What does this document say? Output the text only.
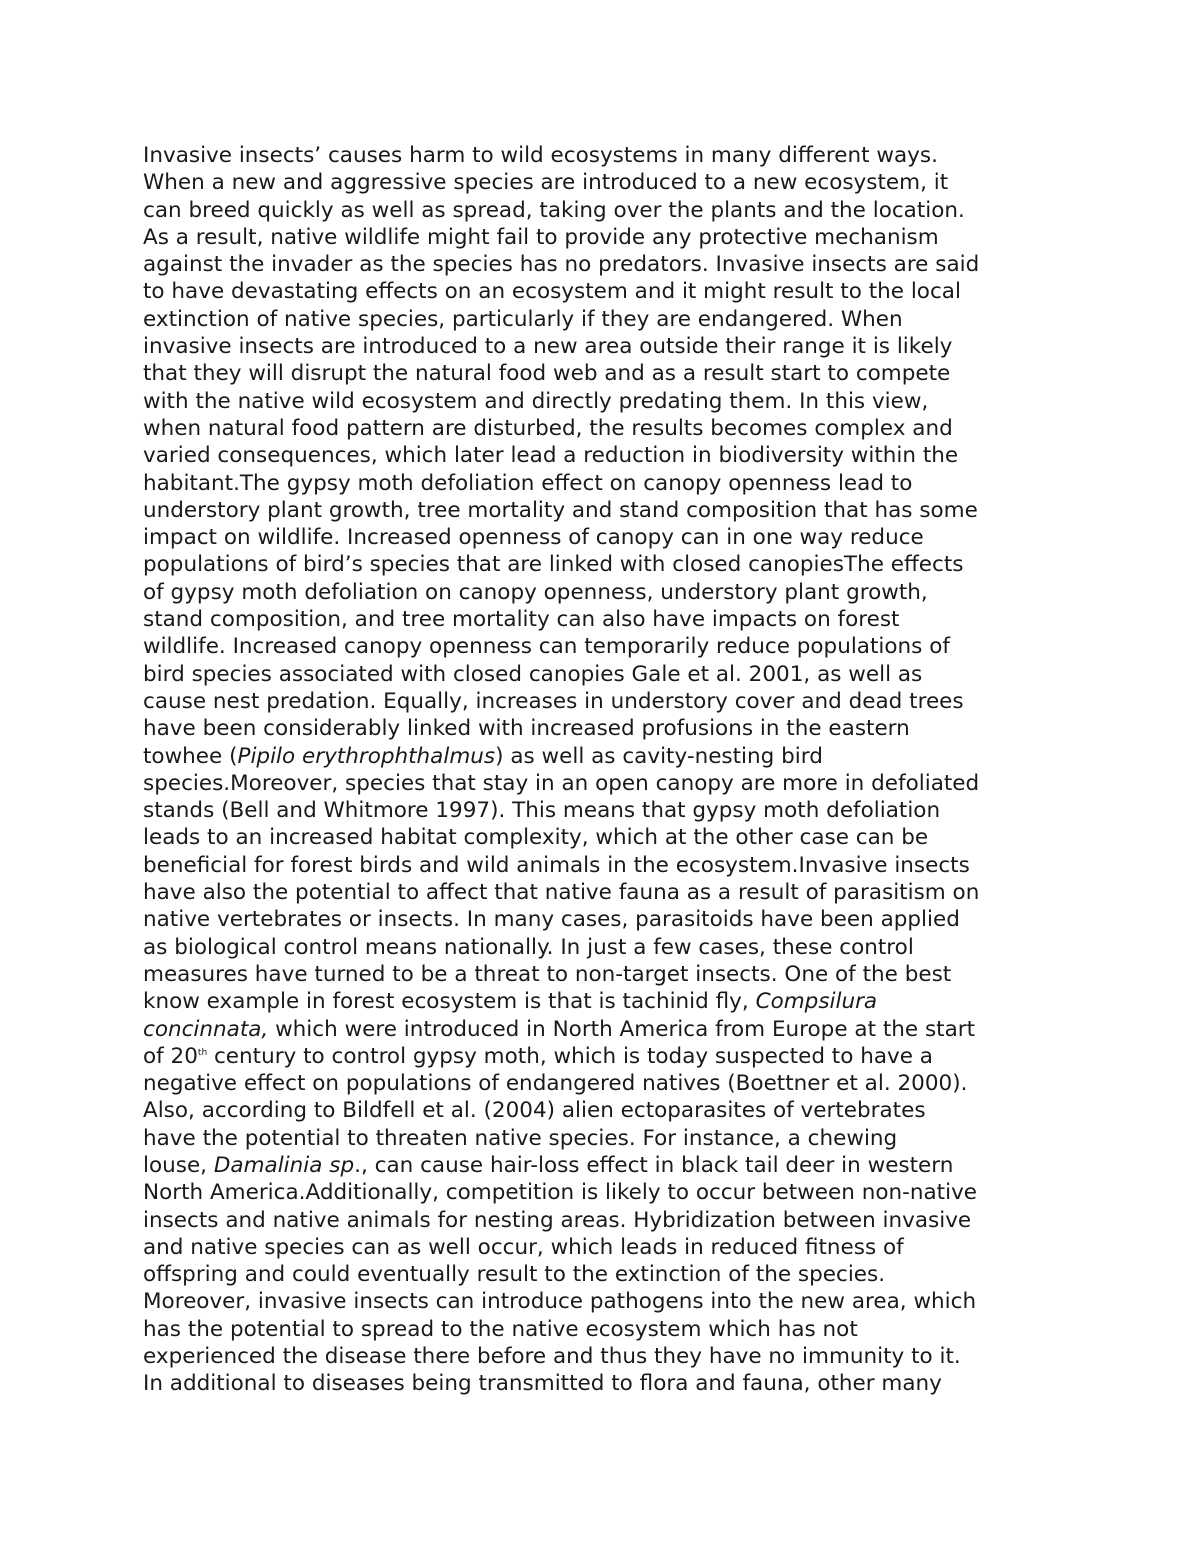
Invasive insects’ causes harm to wild ecosystems in many different ways.
When a new and aggressive species are introduced to a new ecosystem, it
can breed quickly as well as spread, taking over the plants and the location.
As a result, native wildlife might fail to provide any protective mechanism
against the invader as the species has no predators. Invasive insects are said
to have devastating effects on an ecosystem and it might result to the local
extinction of native species, particularly if they are endangered. When
invasive insects are introduced to a new area outside their range it is likely
that they will disrupt the natural food web and as a result start to compete
with the native wild ecosystem and directly predating them. In this view,
when natural food pattern are disturbed, the results becomes complex and
varied consequences, which later lead a reduction in biodiversity within the
habitant.The gypsy moth defoliation effect on canopy openness lead to
understory plant growth, tree mortality and stand composition that has some
impact on wildlife. Increased openness of canopy can in one way reduce
populations of bird’s species that are linked with closed canopiesThe effects
of gypsy moth defoliation on canopy openness, understory plant growth,
stand composition, and tree mortality can also have impacts on forest
wildlife. Increased canopy openness can temporarily reduce populations of
bird species associated with closed canopies Gale et al. 2001, as well as
cause nest predation. Equally, increases in understory cover and dead trees
have been considerably linked with increased profusions in the eastern
towhee (Pipilo erythrophthalmus) as well as cavity-nesting bird
species.Moreover, species that stay in an open canopy are more in defoliated
stands (Bell and Whitmore 1997). This means that gypsy moth defoliation
leads to an increased habitat complexity, which at the other case can be
beneficial for forest birds and wild animals in the ecosystem.Invasive insects
have also the potential to affect that native fauna as a result of parasitism on
native vertebrates or insects. In many cases, parasitoids have been applied
as biological control means nationally. In just a few cases, these control
measures have turned to be a threat to non-target insects. One of the best
know example in forest ecosystem is that is tachinid fly, Compsilura
concinnata, which were introduced in North America from Europe at the start
of 20th century to control gypsy moth, which is today suspected to have a
negative effect on populations of endangered natives (Boettner et al. 2000).
Also, according to Bildfell et al. (2004) alien ectoparasites of vertebrates
have the potential to threaten native species. For instance, a chewing
louse, Damalinia sp., can cause hair-loss effect in black tail deer in western
North America.Additionally, competition is likely to occur between non-native
insects and native animals for nesting areas. Hybridization between invasive
and native species can as well occur, which leads in reduced fitness of
offspring and could eventually result to the extinction of the species.
Moreover, invasive insects can introduce pathogens into the new area, which
has the potential to spread to the native ecosystem which has not
experienced the disease there before and thus they have no immunity to it.
In additional to diseases being transmitted to flora and fauna, other many
